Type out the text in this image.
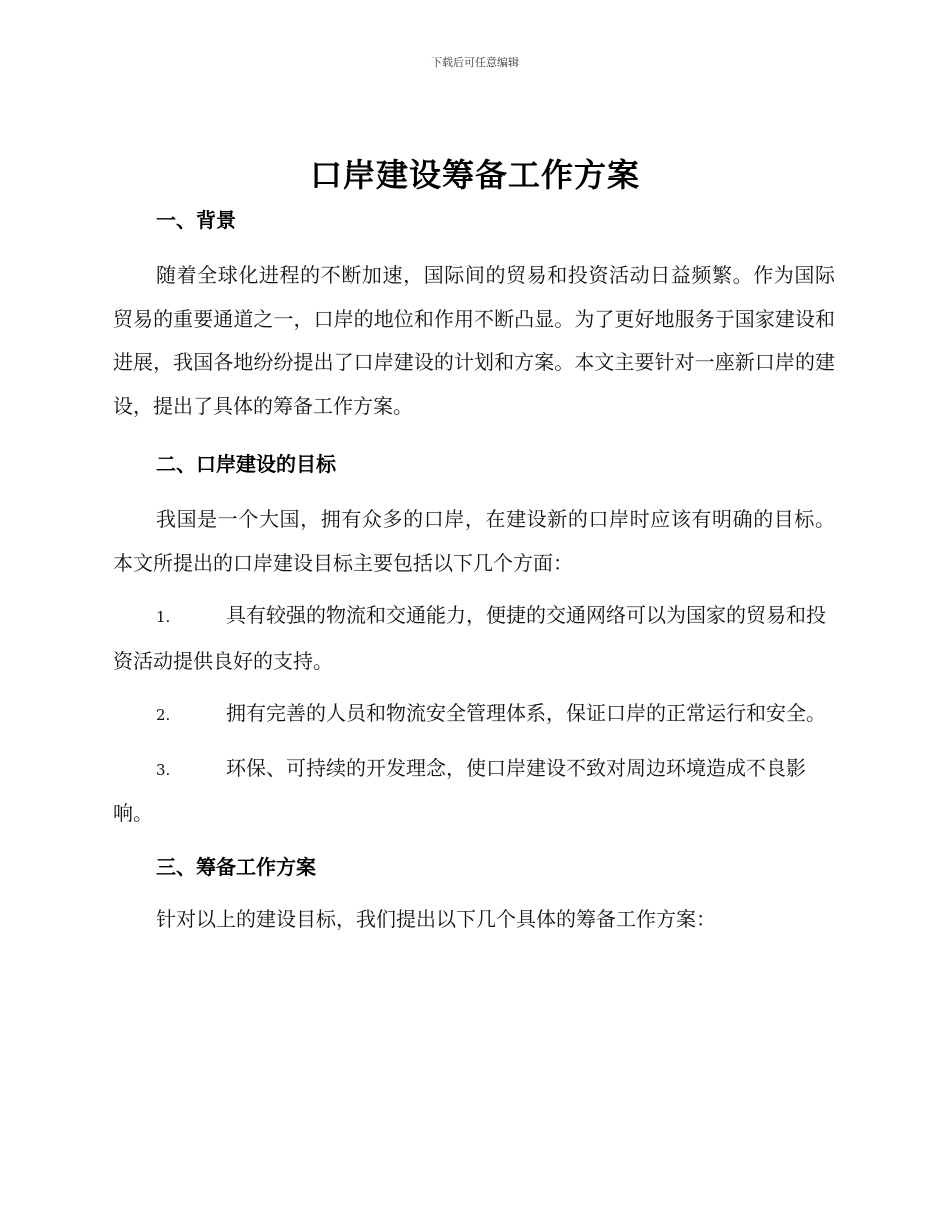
下载后可任意编辑
口岸建设筹备工作方案
一、背景

随着全球化进程的不断加速，国际间的贸易和投资活动日益频繁。作为国际贸易的重要通道之一，口岸的地位和作用不断凸显。为了更好地服务于国家建设和进展，我国各地纷纷提出了口岸建设的计划和方案。本文主要针对一座新口岸的建设，提出了具体的筹备工作方案。

二、口岸建设的目标

我国是一个大国，拥有众多的口岸，在建设新的口岸时应该有明确的目标。本文所提出的口岸建设目标主要包括以下几个方面：

1.	具有较强的物流和交通能力，便捷的交通网络可以为国家的贸易和投资活动提供良好的支持。

2.	拥有完善的人员和物流安全管理体系，保证口岸的正常运行和安全。

3.	环保、可持续的开发理念，使口岸建设不致对周边环境造成不良影响。

三、筹备工作方案

针对以上的建设目标，我们提出以下几个具体的筹备工作方案：
